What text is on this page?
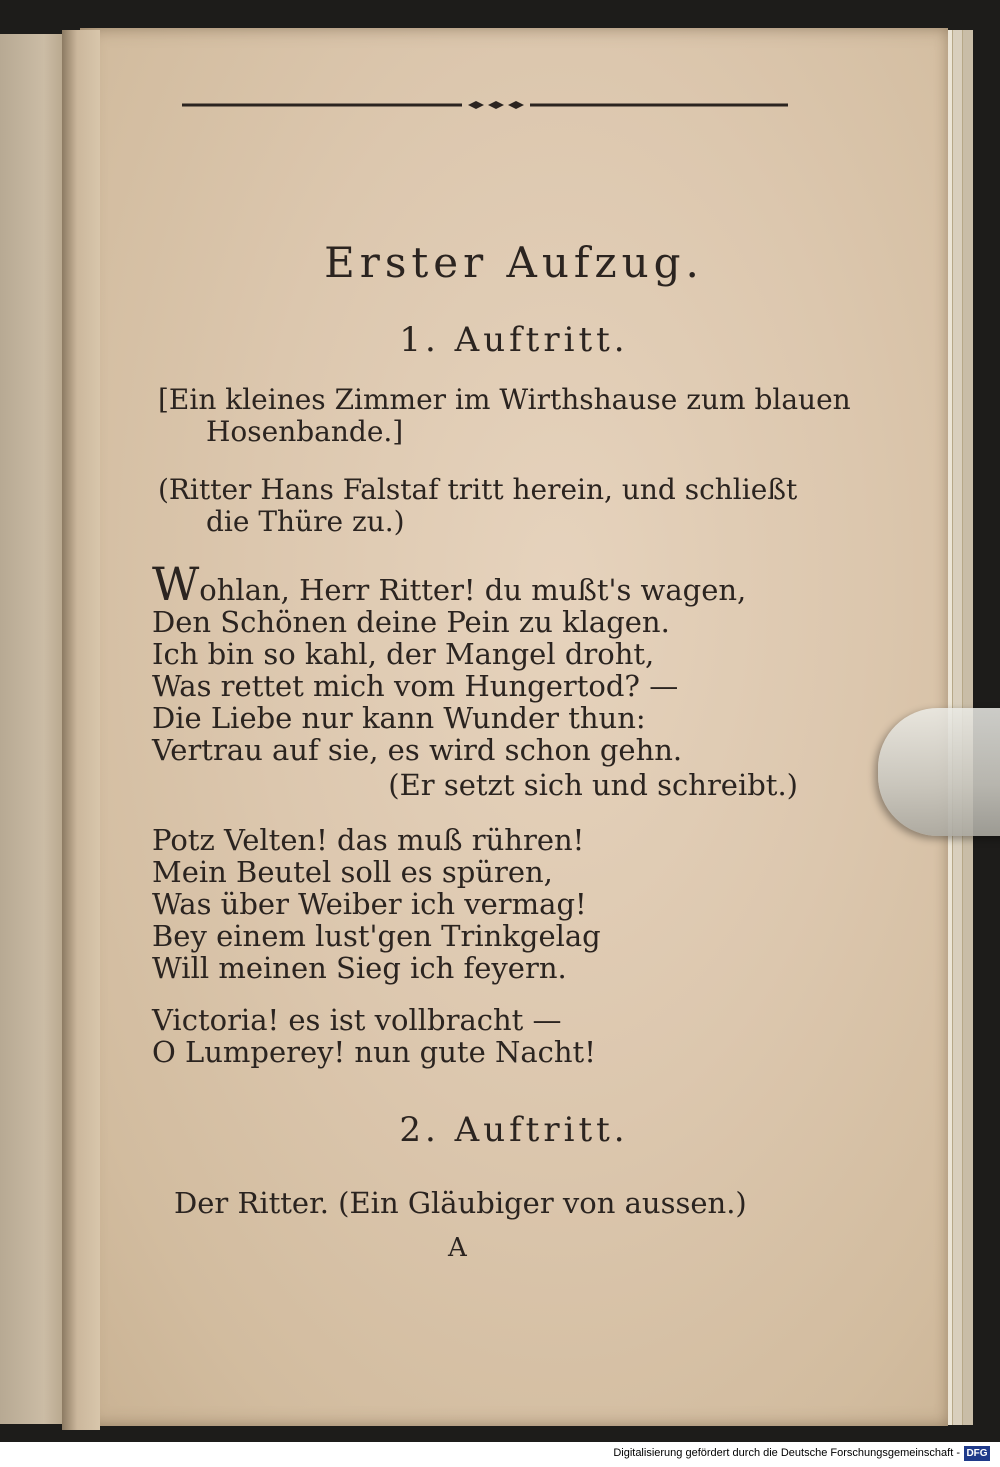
Erster Aufzug.
1. Auftritt.
[Ein kleines Zimmer im Wirthshause zum blauen
Hosenbande.]
(Ritter Hans Falstaf tritt herein, und schließt
die Thüre zu.)
Wohlan, Herr Ritter! du mußt's wagen,
Den Schönen deine Pein zu klagen.
Ich bin so kahl, der Mangel droht,
Was rettet mich vom Hungertod? —
Die Liebe nur kann Wunder thun:
Vertrau auf sie, es wird schon gehn.
(Er setzt sich und schreibt.)
Potz Velten! das muß rühren!
Mein Beutel soll es spüren,
Was über Weiber ich vermag!
Bey einem lust'gen Trinkgelag
Will meinen Sieg ich feyern.
Victoria! es ist vollbracht —
O Lumperey! nun gute Nacht!
2. Auftritt.
Der Ritter. (Ein Gläubiger von aussen.)
A
Digitalisierung gefördert durch die Deutsche Forschungsgemeinschaft - DFG
